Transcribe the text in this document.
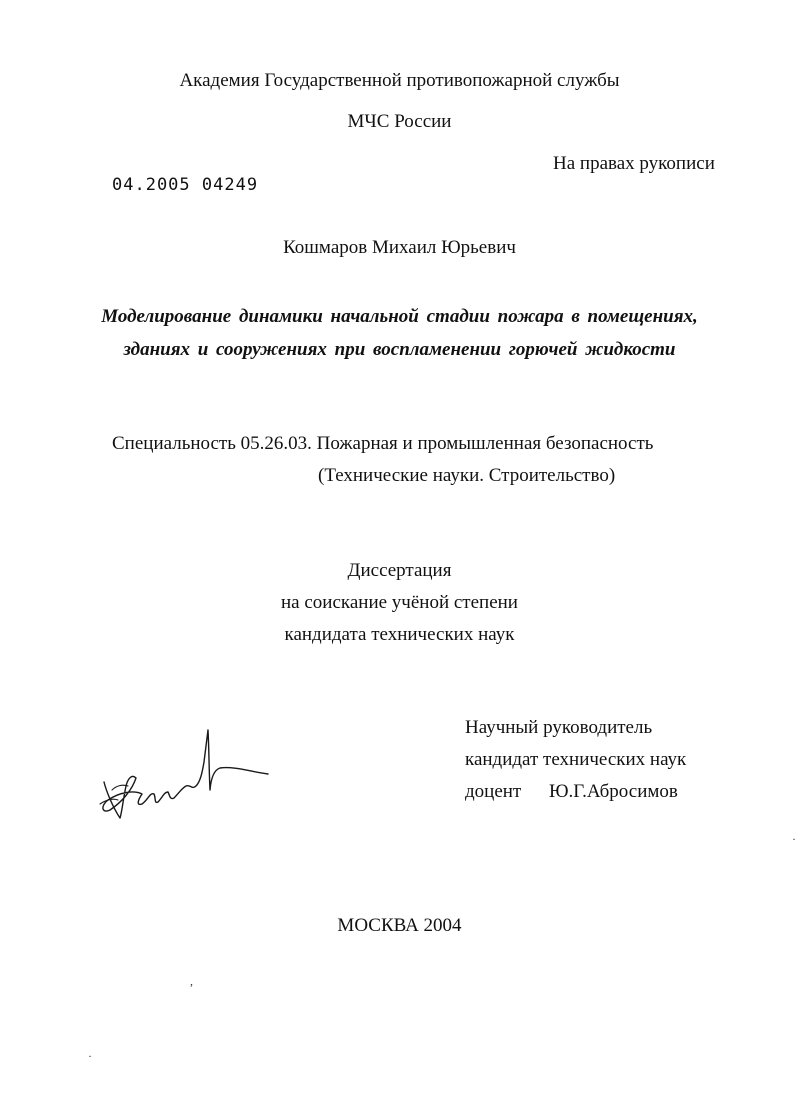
Академия Государственной противопожарной службы
МЧС России
На правах рукописи
04.2005 04249
Кошмаров Михаил Юрьевич
Моделирование динамики начальной стадии пожара в помещениях,
зданиях и сооружениях при воспламенении горючей жидкости
Специальность 05.26.03. Пожарная и промышленная безопасность
(Технические науки. Строительство)
Диссертация
на соискание учёной степени
кандидата технических наук
Научный руководитель
кандидат технических наук
доцент Ю.Г.Абросимов
МОСКВА 2004
,
·
·
